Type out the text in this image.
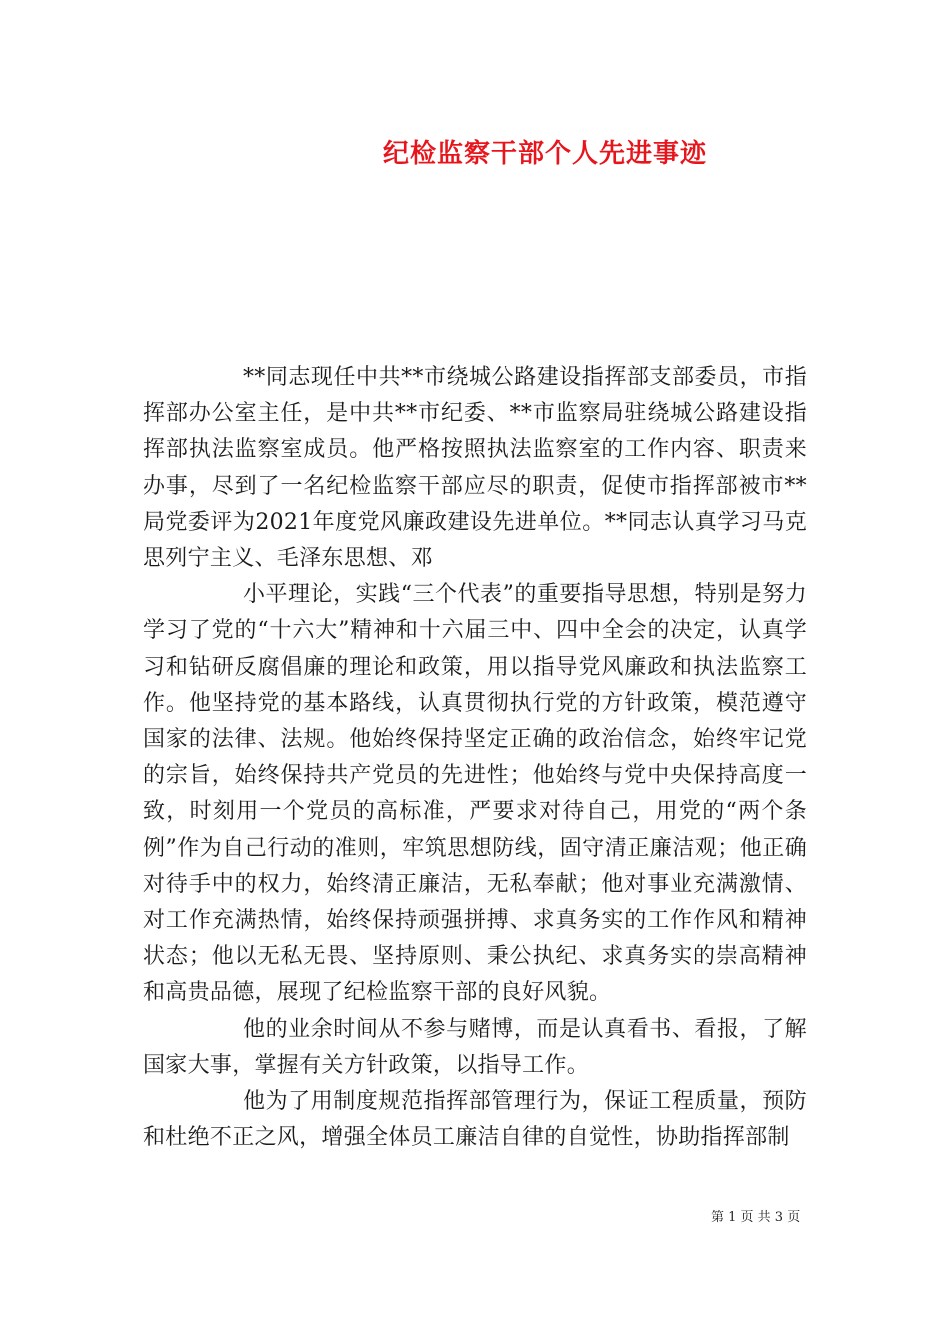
纪检监察干部个人先进事迹

**同志现任中共**市绕城公路建设指挥部支部委员，市指挥部办公室主任，是中共**市纪委、**市监察局驻绕城公路建设指挥部执法监察室成员。他严格按照执法监察室的工作内容、职责来办事，尽到了一名纪检监察干部应尽的职责，促使市指挥部被市**局党委评为2021年度党风廉政建设先进单位。**同志认真学习马克思列宁主义、毛泽东思想、邓

小平理论，实践“三个代表”的重要指导思想，特别是努力学习了党的“十六大”精神和十六届三中、四中全会的决定，认真学习和钻研反腐倡廉的理论和政策，用以指导党风廉政和执法监察工作。他坚持党的基本路线，认真贯彻执行党的方针政策，模范遵守国家的法律、法规。他始终保持坚定正确的政治信念，始终牢记党的宗旨，始终保持共产党员的先进性；他始终与党中央保持高度一致，时刻用一个党员的高标准，严要求对待自己，用党的“两个条例”作为自己行动的准则，牢筑思想防线，固守清正廉洁观；他正确对待手中的权力，始终清正廉洁，无私奉献；他对事业充满激情、对工作充满热情，始终保持顽强拼搏、求真务实的工作作风和精神状态；他以无私无畏、坚持原则、秉公执纪、求真务实的崇高精神和高贵品德，展现了纪检监察干部的良好风貌。

他的业余时间从不参与赌博，而是认真看书、看报，了解国家大事，掌握有关方针政策，以指导工作。

他为了用制度规范指挥部管理行为，保证工程质量，预防和杜绝不正之风，增强全体员工廉洁自律的自觉性，协助指挥部制

第 1 页 共 3 页
